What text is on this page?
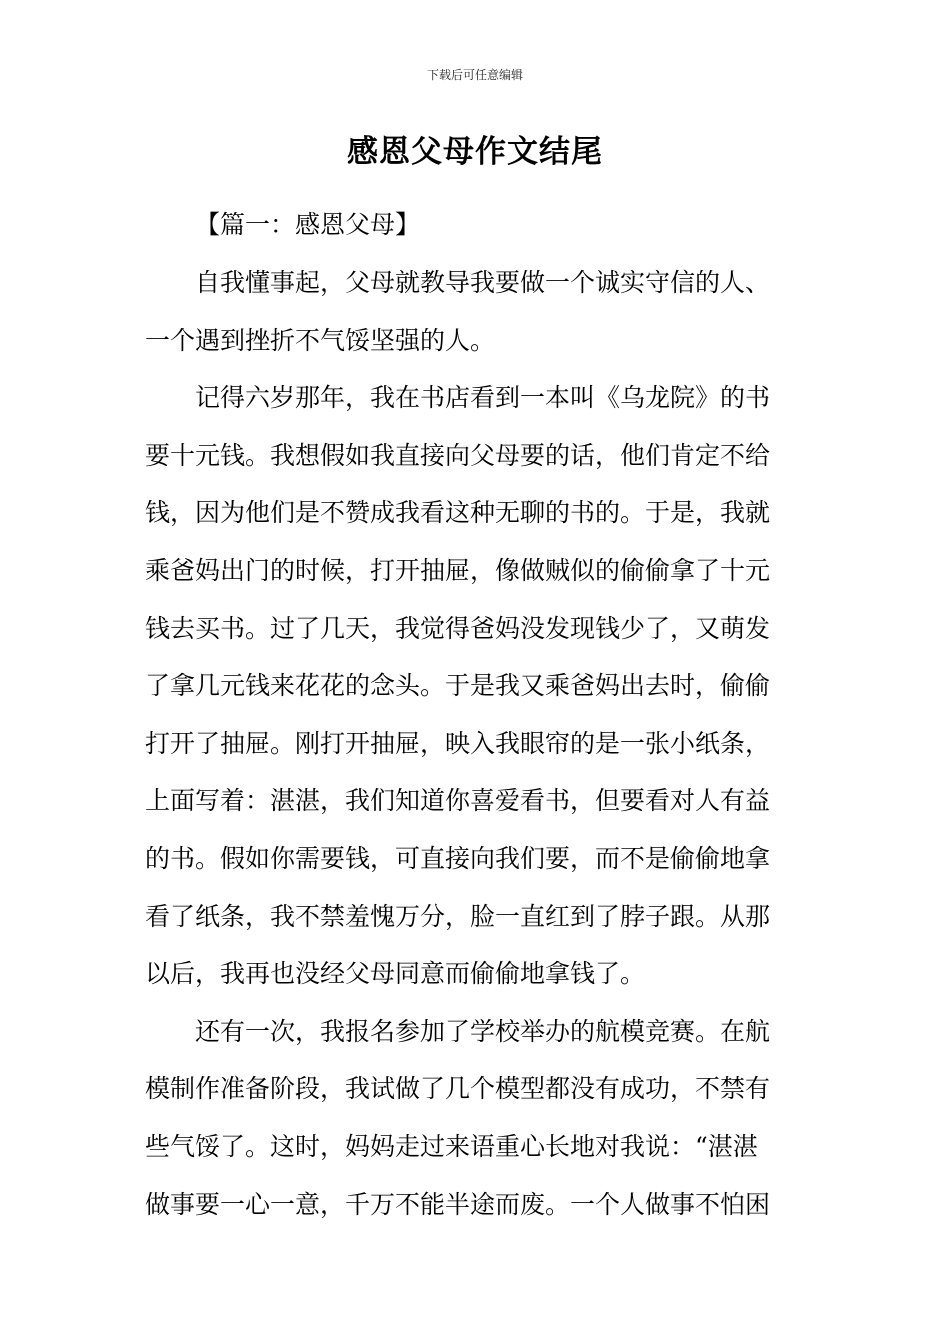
下载后可任意编辑
感恩父母作文结尾
【篇一：感恩父母】
自我懂事起，父母就教导我要做一个诚实守信的人、
一个遇到挫折不气馁坚强的人。
记得六岁那年，我在书店看到一本叫《乌龙院》的书
要十元钱。我想假如我直接向父母要的话，他们肯定不给
钱，因为他们是不赞成我看这种无聊的书的。于是，我就
乘爸妈出门的时候，打开抽屉，像做贼似的偷偷拿了十元
钱去买书。过了几天，我觉得爸妈没发现钱少了，又萌发
了拿几元钱来花花的念头。于是我又乘爸妈出去时，偷偷
打开了抽屉。刚打开抽屉，映入我眼帘的是一张小纸条，
上面写着：湛湛，我们知道你喜爱看书，但要看对人有益
的书。假如你需要钱，可直接向我们要，而不是偷偷地拿
看了纸条，我不禁羞愧万分，脸一直红到了脖子跟。从那
以后，我再也没经父母同意而偷偷地拿钱了。
还有一次，我报名参加了学校举办的航模竞赛。在航
模制作准备阶段，我试做了几个模型都没有成功，不禁有
些气馁了。这时，妈妈走过来语重心长地对我说：“湛湛
做事要一心一意，千万不能半途而废。一个人做事不怕困
